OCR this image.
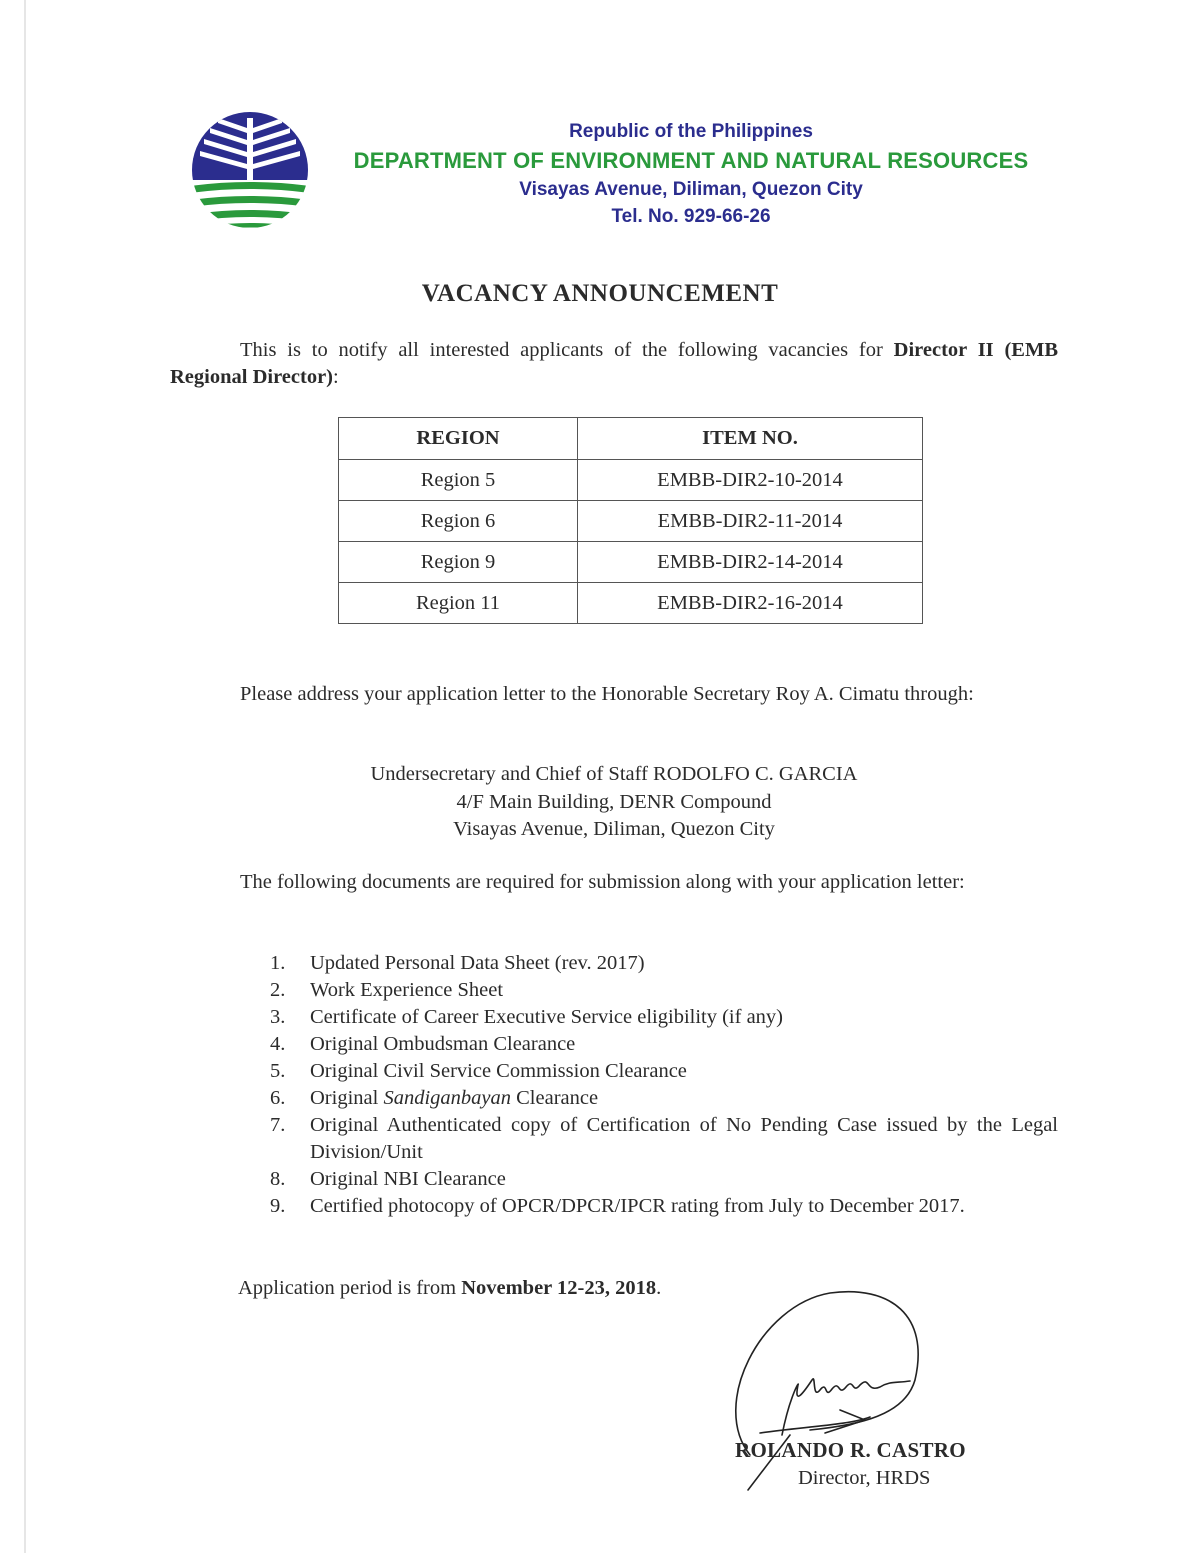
Republic of the Philippines
DEPARTMENT OF ENVIRONMENT AND NATURAL RESOURCES
Visayas Avenue, Diliman, Quezon City
Tel. No. 929-66-26
VACANCY ANNOUNCEMENT
This is to notify all interested applicants of the following vacancies for Director II (EMB Regional Director):
REGION	ITEM NO.
Region 5	EMBB-DIR2-10-2014
Region 6	EMBB-DIR2-11-2014
Region 9	EMBB-DIR2-14-2014
Region 11	EMBB-DIR2-16-2014
Please address your application letter to the Honorable Secretary Roy A. Cimatu through:
Undersecretary and Chief of Staff RODOLFO C. GARCIA
4/F Main Building, DENR Compound
Visayas Avenue, Diliman, Quezon City
The following documents are required for submission along with your application letter:
1.	Updated Personal Data Sheet (rev. 2017)
2.	Work Experience Sheet
3.	Certificate of Career Executive Service eligibility (if any)
4.	Original Ombudsman Clearance
5.	Original Civil Service Commission Clearance
6.	Original Sandiganbayan Clearance
7.	Original Authenticated copy of Certification of No Pending Case issued by the Legal Division/Unit
8.	Original NBI Clearance
9.	Certified photocopy of OPCR/DPCR/IPCR rating from July to December 2017.
Application period is from November 12-23, 2018.
ROLANDO R. CASTRO
Director, HRDS
